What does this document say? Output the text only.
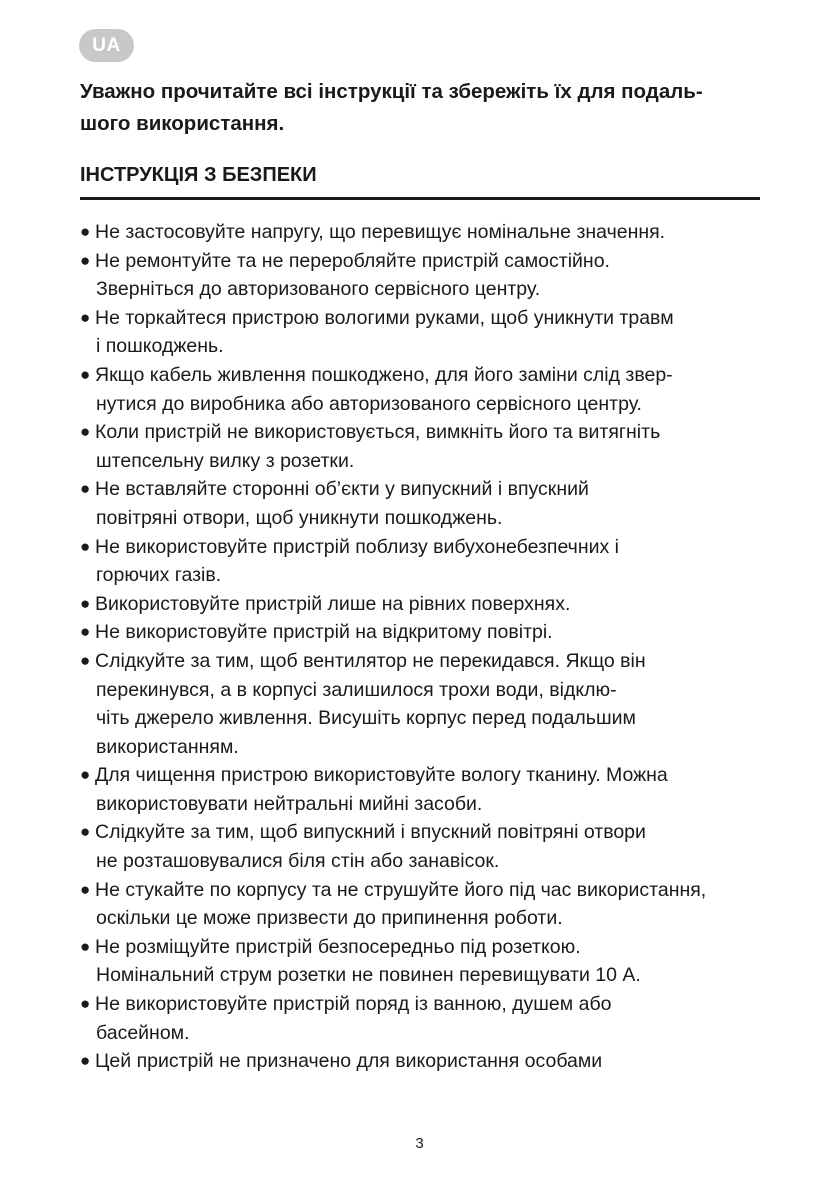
UA

Уважно прочитайте всі інструкції та збережіть їх для подаль-
шого використання.

ІНСТРУКЦІЯ З БЕЗПЕКИ
● Не застосовуйте напругу, що перевищує номінальне значення.
● Не ремонтуйте та не переробляйте пристрій самостійно.
Зверніться до авторизованого сервісного центру.
● Не торкайтеся пристрою вологими руками, щоб уникнути травм
і пошкоджень.
● Якщо кабель живлення пошкоджено, для його заміни слід звер-
нутися до виробника або авторизованого сервісного центру.
● Коли пристрій не використовується, вимкніть його та витягніть
штепсельну вилку з розетки.
● Не вставляйте сторонні об’єкти у випускний і впускний
повітряні отвори, щоб уникнути пошкоджень.
● Не використовуйте пристрій поблизу вибухонебезпечних і
горючих газів.
● Використовуйте пристрій лише на рівних поверхнях.
● Не використовуйте пристрій на відкритому повітрі.
● Слідкуйте за тим, щоб вентилятор не перекидався. Якщо він
перекинувся, а в корпусі залишилося трохи води, відклю-
чіть джерело живлення. Висушіть корпус перед подальшим
використанням.
● Для чищення пристрою використовуйте вологу тканину. Можна
використовувати нейтральні мийні засоби.
● Слідкуйте за тим, щоб випускний і впускний повітряні отвори
не розташовувалися біля стін або занавісок.
● Не стукайте по корпусу та не струшуйте його під час використання,
оскільки це може призвести до припинення роботи.
● Не розміщуйте пристрій безпосередньо під розеткою.
Номінальний струм розетки не повинен перевищувати 10 А.
● Не використовуйте пристрій поряд із ванною, душем або
басейном.
● Цей пристрій не призначено для використання особами
3
